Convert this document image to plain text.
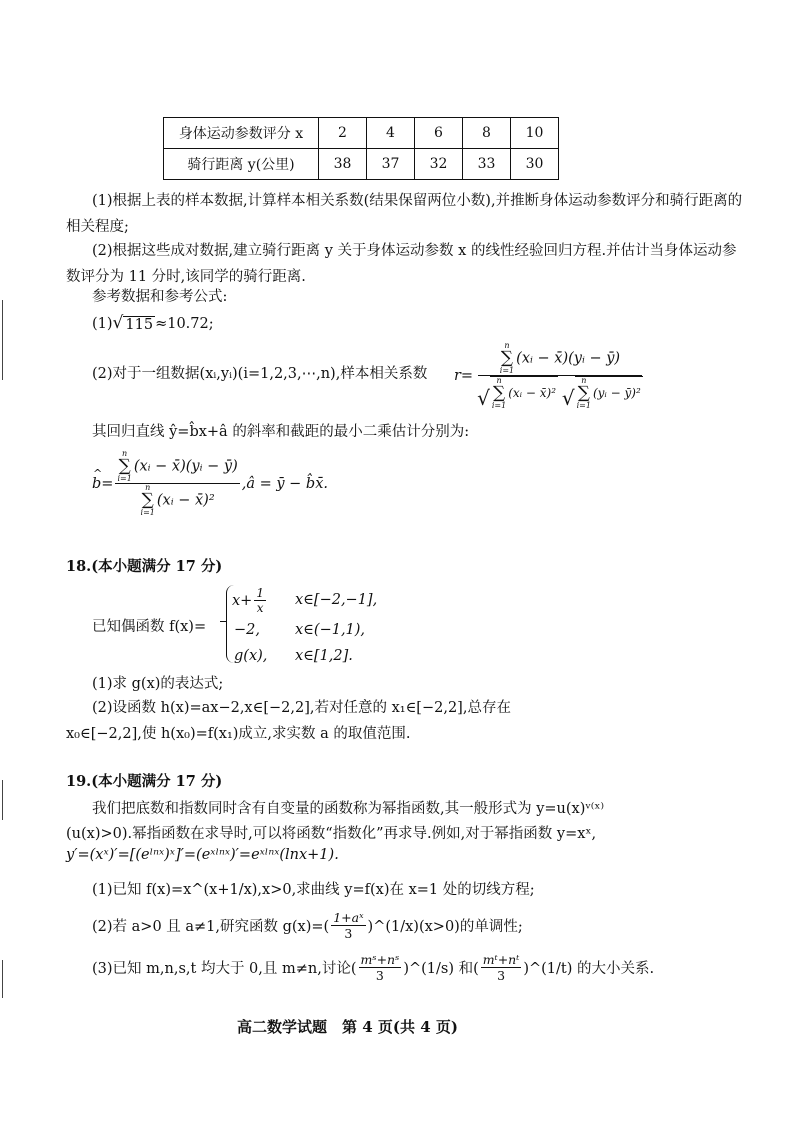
身体运动参数评分 x	2	4	6	8	10
骑行距离 y(公里)	38	37	32	33	30
(1)根据上表的样本数据,计算样本相关系数(结果保留两位小数),并推断身体运动参数评分和骑行距离的相关程度;
(2)根据这些成对数据,建立骑行距离 y 关于身体运动参数 x 的线性经验回归方程.并估计当身体运动参数评分为 11 分时,该同学的骑行距离.
参考数据和参考公式:
(1) √ 115 ≈10.72;
(2)对于一组数据(xᵢ,yᵢ)(i=1,2,3,⋯,n),样本相关系数 r= n
∑
i=1
(xᵢ − x̄)(yᵢ − ȳ)
√
n
∑
i=1
(xᵢ − x̄)²
√
n
∑
i=1
(yᵢ − ȳ)²
其回归直线 ŷ=b̂x+â 的斜率和截距的最小二乘估计分别为:
^ b = n
∑
i=1
(xᵢ − x̄)(yᵢ − ȳ)
n
∑
i=1
(xᵢ − x̄)² ,â = ȳ − b̂x̄.
18.(本小题满分 17 分)
已知偶函数 f(x)=
$x+ \frac{1}{x}$ x∈[−2,−1],
−2, x∈(−1,1),
g(x), x∈[1,2].
(1)求 g(x)的表达式;
(2)设函数 h(x)=ax−2,x∈[−2,2],若对任意的 x₁∈[−2,2],总存在
x₀∈[−2,2],使 h(x₀)=f(x₁)成立,求实数 a 的取值范围.
19.(本小题满分 17 分)
我们把底数和指数同时含有自变量的函数称为幂指函数,其一般形式为 y=u(x)ᵛ⁽ˣ⁾
(u(x)>0).幂指函数在求导时,可以将函数“指数化”再求导.例如,对于幂指函数 y=xˣ,
y′=(xˣ)′=[(eˡⁿˣ)ˣ]′=(eˣˡⁿˣ)′=eˣˡⁿˣ(lnx+1).
(1)已知 f(x)=x^(x+1/x),x>0,求曲线 y=f(x)在 x=1 处的切线方程;
(2)若 a>0 且 a≠1,研究函数 $g(x)=( \frac{\text{1+aˣ}}{3}$ )^(1/x)(x>0)的单调性;
(3)已知 m,n,s,t 均大于 0,且 m≠n,讨论( $\frac{\text{mˢ+nˢ}}{3}$ )^(1/s) 和( $\frac{\text{mᵗ+nᵗ}}{3}$ )^(1/t) 的大小关系.
高二数学试题　第 4 页(共 4 页)
